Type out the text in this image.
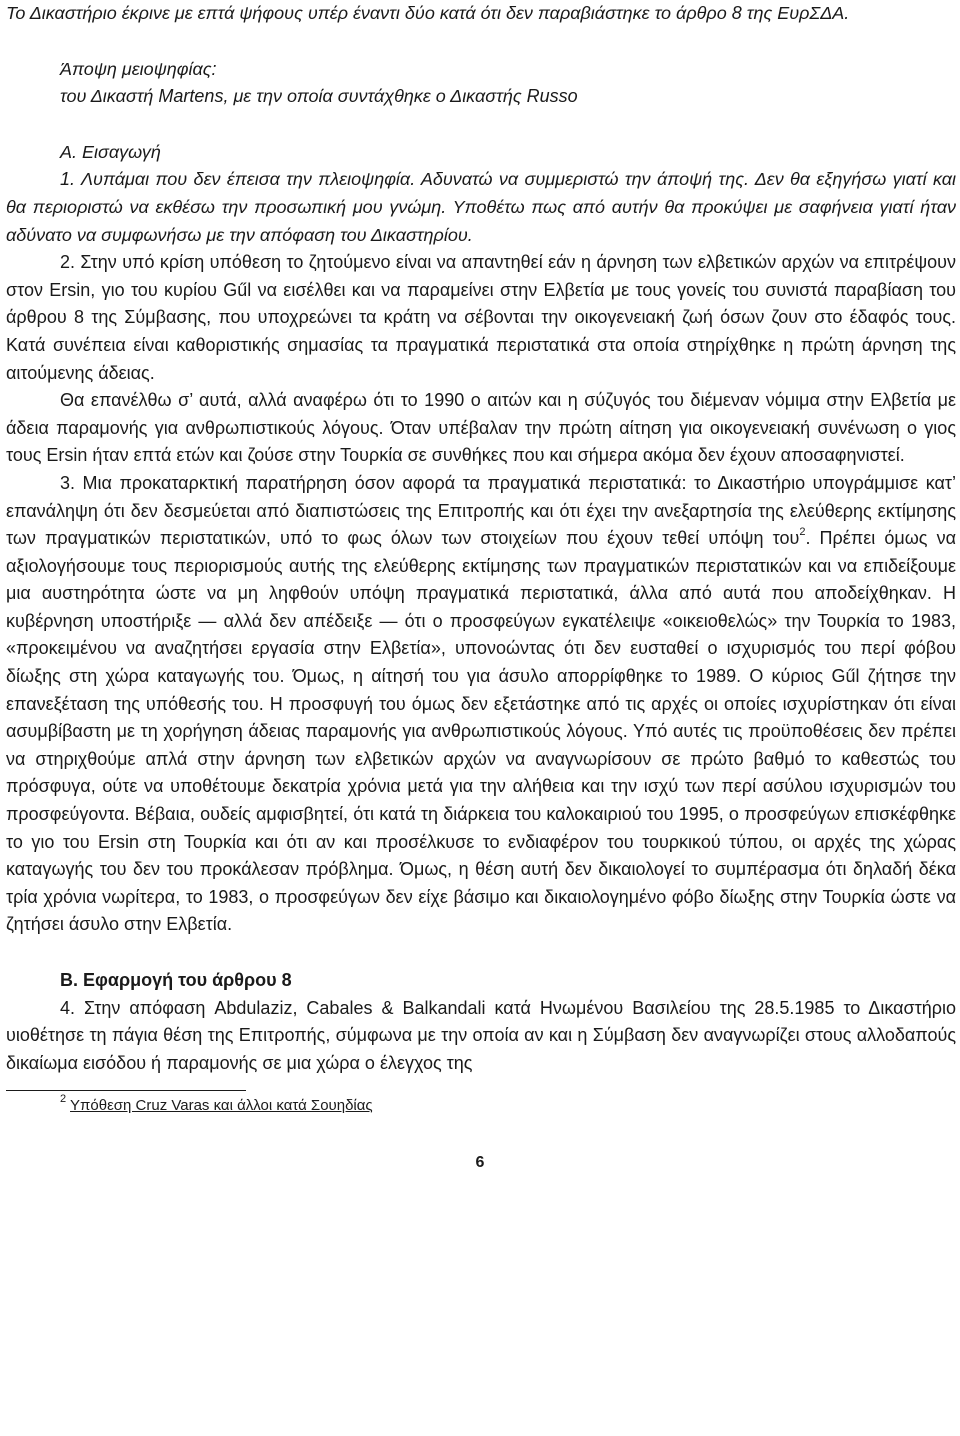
Το Δικαστήριο έκρινε με επτά ψήφους υπέρ έναντι δύο κατά ότι δεν παραβιάστηκε το άρθρο 8 της ΕυρΣΔΑ.

Άποψη μειοψηφίας:

του Δικαστή Martens, με την οποία συντάχθηκε ο Δικαστής Russo

Α. Εισαγωγή

1. Λυπάμαι που δεν έπεισα την πλειοψηφία. Αδυνατώ να συμμεριστώ την άποψή της. Δεν θα εξηγήσω γιατί και θα περιοριστώ να εκθέσω την προσωπική μου γνώμη. Υποθέτω πως από αυτήν θα προκύψει με σαφήνεια γιατί ήταν αδύνατο να συμφωνήσω με την απόφαση του Δικαστηρίου.

2. Στην υπό κρίση υπόθεση το ζητούμενο είναι να απαντηθεί εάν η άρνηση των ελβετικών αρχών να επιτρέψουν στον Ersin, γιο του κυρίου Gűl να εισέλθει και να παραμείνει στην Ελβετία με τους γονείς του συνιστά παραβίαση του άρθρου 8 της Σύμβασης, που υποχρεώνει τα κράτη να σέβονται την οικογενειακή ζωή όσων ζουν στο έδαφός τους. Κατά συνέπεια είναι καθοριστικής σημασίας τα πραγματικά περιστατικά στα οποία στηρίχθηκε η πρώτη άρνηση της αιτούμενης άδειας.

Θα επανέλθω σ’ αυτά, αλλά αναφέρω ότι το 1990 ο αιτών και η σύζυγός του διέμεναν νόμιμα στην Ελβετία με άδεια παραμονής για ανθρωπιστικούς λόγους. Όταν υπέβαλαν την πρώτη αίτηση για οικογενειακή συνένωση ο γιος τους Ersin ήταν επτά ετών και ζούσε στην Τουρκία σε συνθήκες που και σήμερα ακόμα δεν έχουν αποσαφηνιστεί.

3. Μια προκαταρκτική παρατήρηση όσον αφορά τα πραγματικά περιστατικά: το Δικαστήριο υπογράμμισε κατ’ επανάληψη ότι δεν δεσμεύεται από διαπιστώσεις της Επιτροπής και ότι έχει την ανεξαρτησία της ελεύθερης εκτίμησης των πραγματικών περιστατικών, υπό το φως όλων των στοιχείων που έχουν τεθεί υπόψη του$^2$. Πρέπει όμως να αξιολογήσουμε τους περιορισμούς αυτής της ελεύθερης εκτίμησης των πραγματικών περιστατικών και να επιδείξουμε μια αυστηρότητα ώστε να μη ληφθούν υπόψη πραγματικά περιστατικά, άλλα από αυτά που αποδείχθηκαν. Η κυβέρνηση υποστήριξε — αλλά δεν απέδειξε — ότι ο προσφεύγων εγκατέλειψε «οικειοθελώς» την Τουρκία το 1983, «προκειμένου να αναζητήσει εργασία στην Ελβετία», υπονοώντας ότι δεν ευσταθεί ο ισχυρισμός του περί φόβου δίωξης στη χώρα καταγωγής του. Όμως, η αίτησή του για άσυλο απορρίφθηκε το 1989. Ο κύριος Gűl ζήτησε την επανεξέταση της υπόθεσής του. Η προσφυγή του όμως δεν εξετάστηκε από τις αρχές οι οποίες ισχυρίστηκαν ότι είναι ασυμβίβαστη με τη χορήγηση άδειας παραμονής για ανθρωπιστικούς λόγους. Υπό αυτές τις προϋποθέσεις δεν πρέπει να στηριχθούμε απλά στην άρνηση των ελβετικών αρχών να αναγνωρίσουν σε πρώτο βαθμό το καθεστώς του πρόσφυγα, ούτε να υποθέτουμε δεκατρία χρόνια μετά για την αλήθεια και την ισχύ των περί ασύλου ισχυρισμών του προσφεύγοντα. Βέβαια, ουδείς αμφισβητεί, ότι κατά τη διάρκεια του καλοκαιριού του 1995, ο προσφεύγων επισκέφθηκε το γιο του Ersin στη Τουρκία και ότι αν και προσέλκυσε το ενδιαφέρον του τουρκικού τύπου, οι αρχές της χώρας καταγωγής του δεν του προκάλεσαν πρόβλημα. Όμως, η θέση αυτή δεν δικαιολογεί το συμπέρασμα ότι δηλαδή δέκα τρία χρόνια νωρίτερα, το 1983, ο προσφεύγων δεν είχε βάσιμο και δικαιολογημένο φόβο δίωξης στην Τουρκία ώστε να ζητήσει άσυλο στην Ελβετία.

Β. Εφαρμογή του άρθρου 8

4. Στην απόφαση Abdulaziz, Cabales & Balkandali κατά Ηνωμένου Βασιλείου της 28.5.1985 το Δικαστήριο υιοθέτησε τη πάγια θέση της Επιτροπής, σύμφωνα με την οποία αν και η Σύμβαση δεν αναγνωρίζει στους αλλοδαπούς δικαίωμα εισόδου ή παραμονής σε μια χώρα ο έλεγχος της

$^2$ Υπόθεση Cruz Varas και άλλοι κατά Σουηδίας
6
